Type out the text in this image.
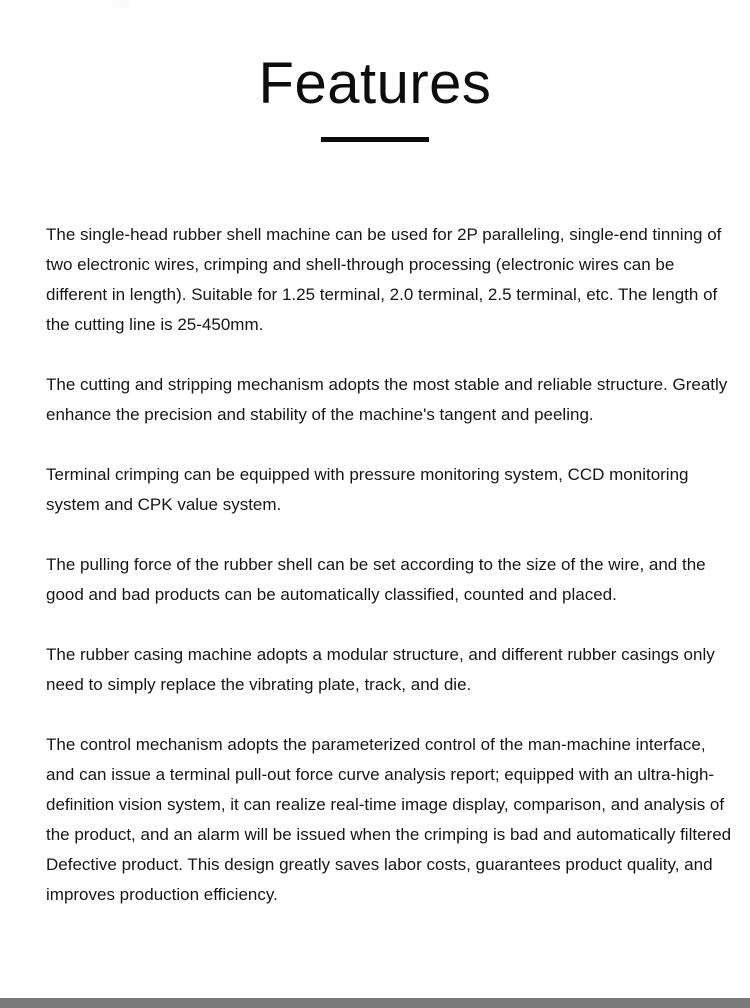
Features

The single-head rubber shell machine can be used for 2P paralleling, single-end tinning of two electronic wires, crimping and shell-through processing (electronic wires can be different in length). Suitable for 1.25 terminal, 2.0 terminal, 2.5 terminal, etc. The length of the cutting line is 25-450mm.

The cutting and stripping mechanism adopts the most stable and reliable structure. Greatly enhance the precision and stability of the machine's tangent and peeling.

Terminal crimping can be equipped with pressure monitoring system, CCD monitoring system and CPK value system.

The pulling force of the rubber shell can be set according to the size of the wire, and the good and bad products can be automatically classified, counted and placed.

The rubber casing machine adopts a modular structure, and different rubber casings only need to simply replace the vibrating plate, track, and die.

The control mechanism adopts the parameterized control of the man-machine interface, and can issue a terminal pull-out force curve analysis report; equipped with an ultra-high-definition vision system, it can realize real-time image display, comparison, and analysis of the product, and an alarm will be issued when the crimping is bad and automatically filtered Defective product. This design greatly saves labor costs, guarantees product quality, and improves production efficiency.
